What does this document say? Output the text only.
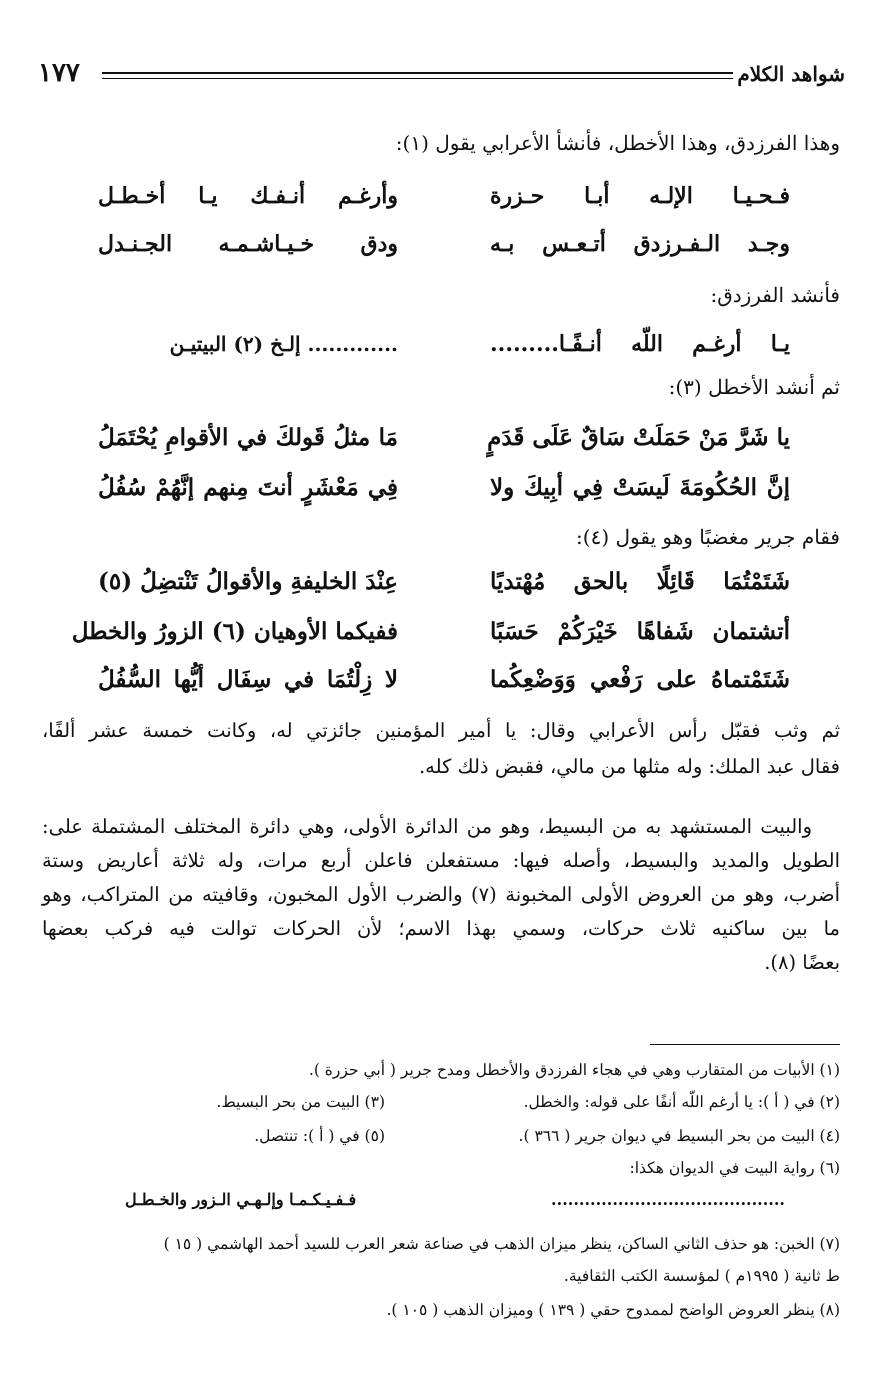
شواهد الكلام
١٧٧
وهذا الفرزدق، وهذا الأخطل، فأنشأ الأعرابي يقول (١):
فـحـيـا الإلـه أبـا حـزرة
وأرغـم أنـفـك يـا أخـطـل
وجـد الـفـرزدق أتـعـس بـه
ودق خـيـاشـمـه الجـنـدل
فأنشد الفرزدق:
يـا أرغـم اللّه أنـفًـا.........
............. إلـخ (٢) البيتيـن
ثم أنشد الأخطل (٣):
يا شَرَّ مَنْ حَمَلَتْ سَاقٌ عَلَى قَدَمٍ
مَا مثلُ قَولكَ في الأقوامِ يُحْتَمَلُ
إنَّ الحُكُومَةَ لَيسَتْ فِي أبِيكَ ولا
فِي مَعْشَرٍ أنتَ مِنهم إنَّهُمْ سُفُلُ
فقام جرير مغضبًا وهو يقول (٤):
شَتَمْتُمَا قَائِلًا بالحق مُهْتديًا
عِنْدَ الخليفةِ والأقوالُ تَنْتضِلُ (٥)
أتشتمان شَفاهًا خَيْرَكُمْ حَسَبًا
ففيكما الأوهيان (٦) الزورُ والخطل
شَتَمْتماهُ على رَفْعي وَوَضْعِكُما
لا زِلْتُمَا في سِفَال أيُّها السُّفُلُ
ثم وثب فقبّل رأس الأعرابي وقال: يا أمير المؤمنين جائزتي له، وكانت خمسة عشر ألفًا،
فقال عبد الملك: وله مثلها من مالي، فقبض ذلك كله.
والبيت المستشهد به من البسيط، وهو من الدائرة الأولى، وهي دائرة المختلف المشتملة على:
الطويل والمديد والبسيط، وأصله فيها: مستفعلن فاعلن أربع مرات، وله ثلاثة أعاريض وستة
أضرب، وهو من العروض الأولى المخبونة (٧) والضرب الأول المخبون، وقافيته من المتراكب، وهو
ما بين ساكنيه ثلاث حركات، وسمي بهذا الاسم؛ لأن الحركات توالت فيه فركب بعضها
بعضًا (٨).
(١) الأبيات من المتقارب وهي في هجاء الفرزدق والأخطل ومدح جرير ( أبي حزرة ).
(٢) في ( أ ): يا أرغم اللّه أنفًا على قوله: والخطل.
(٣) البيت من بحر البسيط.
(٤) البيت من بحر البسيط في ديوان جرير ( ٣٦٦ ).
(٥) في ( أ ): تنتصل.
(٦) رواية البيت في الديوان هكذا:
..........................................
فـفـيـكـمـا وإلـهـي الـزور والخـطـل
(٧) الخبن: هو حذف الثاني الساكن، ينظر ميزان الذهب في صناعة شعر العرب للسيد أحمد الهاشمي ( ١٥ )
ط ثانية ( ١٩٩٥م ) لمؤسسة الكتب الثقافية.
(٨) ينظر العروض الواضح لممدوح حقي ( ١٣٩ ) وميزان الذهب ( ١٠٥ ).
